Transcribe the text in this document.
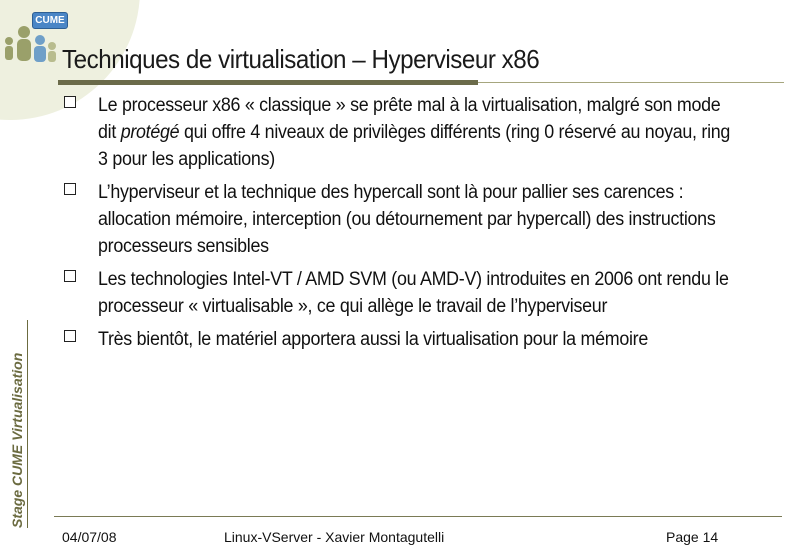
CUME
Techniques de virtualisation – Hyperviseur x86
Le processeur x86 « classique » se prête mal à la virtualisation, malgré son mode dit protégé qui offre 4 niveaux de privilèges différents (ring 0 réservé au noyau, ring 3 pour les applications)
L’hyperviseur et la technique des hypercall sont là pour pallier ses carences : allocation mémoire, interception (ou détournement par hypercall) des instructions processeurs sensibles
Les technologies Intel-VT / AMD SVM (ou AMD-V) introduites en 2006 ont rendu le processeur « virtualisable », ce qui allège le travail de l’hyperviseur
Très bientôt, le matériel apportera aussi la virtualisation pour la mémoire
Stage CUME Virtualisation
04/07/08	Linux-VServer - Xavier Montagutelli	Page 14
